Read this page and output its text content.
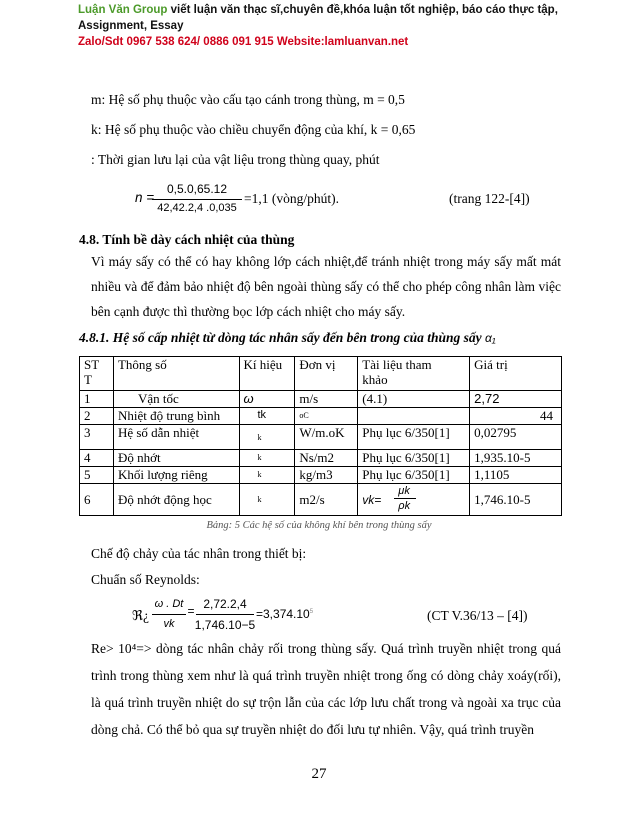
Luận Văn Group viết luận văn thạc sĩ,chuyên đề,khóa luận tốt nghiệp, báo cáo thực tập,
Assignment, Essay
Zalo/Sdt 0967 538 624/ 0886 091 915 Website:lamluanvan.net
m: Hệ số phụ thuộc vào cấu tạo cánh trong thùng, m = 0,5
k: Hệ số phụ thuộc vào chiều chuyển động của khí, k = 0,65
: Thời gian lưu lại của vật liệu trong thùng quay, phút
n =
0,5.0,65.12
42,42.2,4 .0,035
=1,1 (vòng/phút).	(trang 122-[4])
4.8. Tính bề dày cách nhiệt của thùng
Vì máy sấy có thể có hay không lớp cách nhiệt,để tránh nhiệt trong máy sấy mất mát nhiều và để đảm bảo nhiệt độ bên ngoài thùng sấy có thể cho phép công nhân làm việc bên cạnh được thì thường bọc lớp cách nhiệt cho máy sấy.
4.8.1. Hệ số cấp nhiệt từ dòng tác nhân sấy đến bên trong của thùng sấy α₁
ST T	Thông số	Kí hiệu	Đơn vị	Tài liệu tham khảo	Giá trị
1	Vận tốc	ω	m/s	(4.1)	2,72
2	Nhiệt độ trung bình	tk	oC		44
3	Hệ số dẫn nhiệt	k	W/m.oK	Phụ lục 6/350[1]	0,02795
4	Độ nhớt	k	Ns/m2	Phụ lục 6/350[1]	1,935.10-5
5	Khối lượng riêng	k	kg/m3	Phụ lục 6/350[1]	1,1105
6	Độ nhớt động học	k	m2/s	vk=
μk
ρk	1,746.10-5
Bảng: 5 Các hệ số của không khí bên trong thùng sấy
Chế độ chảy của tác nhân trong thiết bị:
Chuẩn số Reynolds:
ℜ¿
ω . Dt
vk
= 2,72.2,4
1,746.10−5
$=3,374.10^5$	(CT V.36/13 – [4])
Re> 10⁴=> dòng tác nhân chảy rối trong thùng sấy. Quá trình truyền nhiệt trong quá trình trong thùng xem như là quá trình truyền nhiệt trong ống có dòng chảy xoáy(rối), là quá trình truyền nhiệt do sự trộn lẫn của các lớp lưu chất trong và ngoài xa trục của dòng chả. Có thể bỏ qua sự truyền nhiệt do đối lưu tự nhiên. Vậy, quá trình truyền
27
